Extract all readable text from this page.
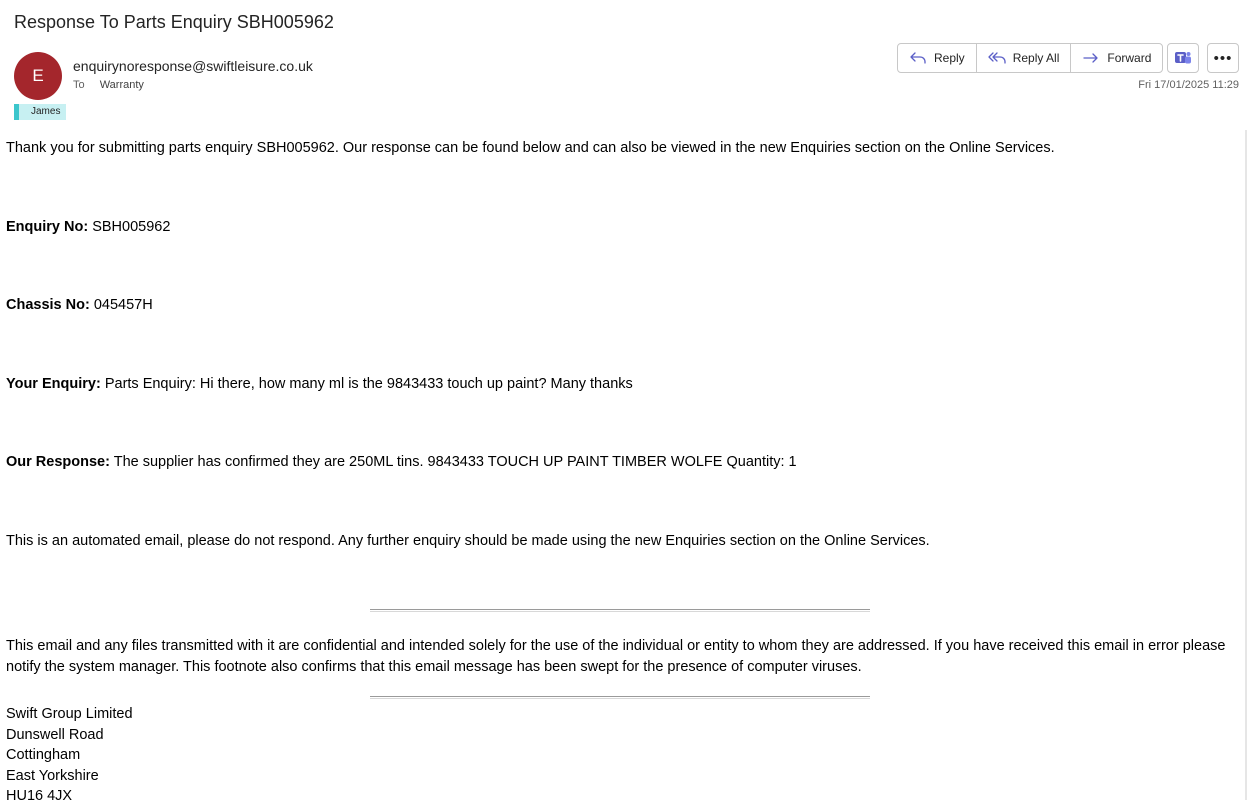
Response To Parts Enquiry SBH005962
E enquirynoresponse@swiftleisure.co.uk
To Warranty
James
Reply	Reply All	Forward	•••
Fri 17/01/2025 11:29
Thank you for submitting parts enquiry SBH005962. Our response can be found below and can also be viewed in the new Enquiries section on the Online Services.
Enquiry No: SBH005962
Chassis No: 045457H
Your Enquiry: Parts Enquiry: Hi there, how many ml is the 9843433 touch up paint? Many thanks
Our Response: The supplier has confirmed they are 250ML tins. 9843433 TOUCH UP PAINT TIMBER WOLFE Quantity: 1
This is an automated email, please do not respond. Any further enquiry should be made using the new Enquiries section on the Online Services.
This email and any files transmitted with it are confidential and intended solely for the use of the individual or entity to whom they are addressed. If you have received this email in error please notify the system manager. This footnote also confirms that this email message has been swept for the presence of computer viruses.
Swift Group Limited
Dunswell Road
Cottingham
East Yorkshire
HU16 4JX
